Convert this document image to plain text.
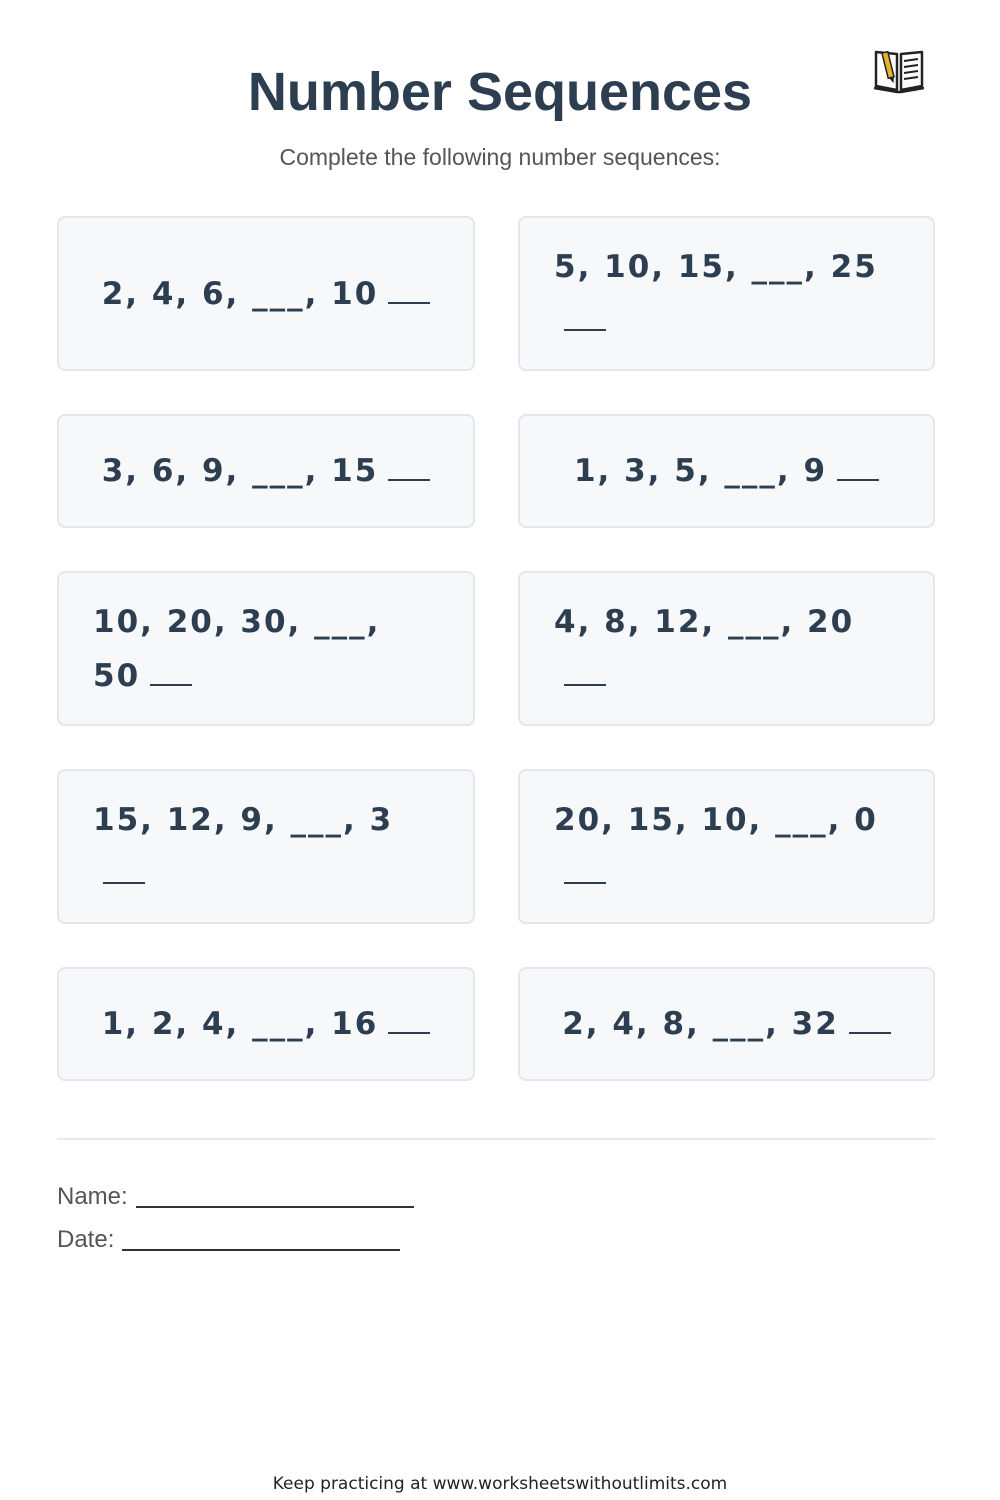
Number Sequences
Complete the following number sequences:
2, 4, 6, ___, 10
5, 10, 15, ___, 25
3, 6, 9, ___, 15	1, 3, 5, ___, 9
10, 20, 30, ___, 50
4, 8, 12, ___, 20
15, 12, 9, ___, 3	20, 15, 10, ___, 0
1, 2, 4, ___, 16	2, 4, 8, ___, 32
Name:
Date:
Keep practicing at www.worksheetswithoutlimits.com
